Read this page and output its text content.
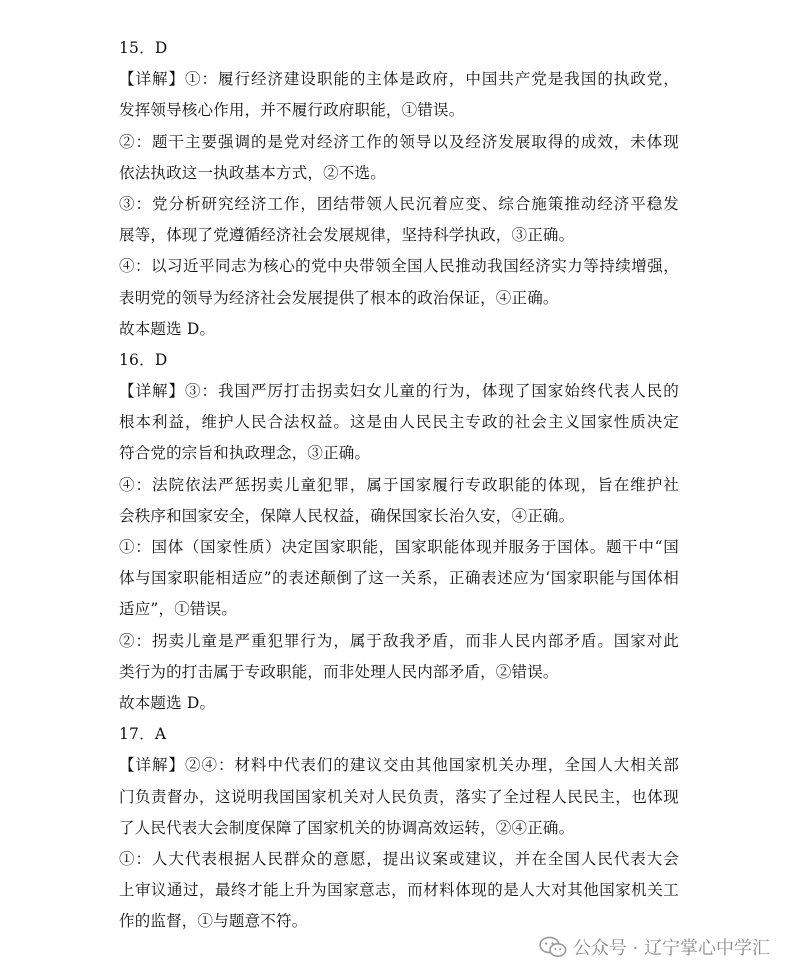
15．D
【详解】①：履行经济建设职能的主体是政府，中国共产党是我国的执政党，
发挥领导核心作用，并不履行政府职能，①错误。
②：题干主要强调的是党对经济工作的领导以及经济发展取得的成效，未体现
依法执政这一执政基本方式，②不选。
③：党分析研究经济工作，团结带领人民沉着应变、综合施策推动经济平稳发
展等，体现了党遵循经济社会发展规律，坚持科学执政，③正确。
④：以习近平同志为核心的党中央带领全国人民推动我国经济实力等持续增强，
表明党的领导为经济社会发展提供了根本的政治保证，④正确。
故本题选 D。
16．D
【详解】③：我国严厉打击拐卖妇女儿童的行为，体现了国家始终代表人民的
根本利益，维护人民合法权益。这是由人民民主专政的社会主义国家性质决定
符合党的宗旨和执政理念，③正确。
④：法院依法严惩拐卖儿童犯罪，属于国家履行专政职能的体现，旨在维护社
会秩序和国家安全，保障人民权益，确保国家长治久安，④正确。
①：国体（国家性质）决定国家职能，国家职能体现并服务于国体。题干中“国
体与国家职能相适应”的表述颠倒了这一关系，正确表述应为‘国家职能与国体相
适应”，①错误。
②：拐卖儿童是严重犯罪行为，属于敌我矛盾，而非人民内部矛盾。国家对此
类行为的打击属于专政职能，而非处理人民内部矛盾，②错误。
故本题选 D。
17．A
【详解】②④：材料中代表们的建议交由其他国家机关办理，全国人大相关部
门负责督办，这说明我国国家机关对人民负责，落实了全过程人民民主，也体现
了人民代表大会制度保障了国家机关的协调高效运转，②④正确。
①：人大代表根据人民群众的意愿，提出议案或建议，并在全国人民代表大会
上审议通过，最终才能上升为国家意志，而材料体现的是人大对其他国家机关工
作的监督，①与题意不符。
公众号 · 辽宁掌心中学汇
